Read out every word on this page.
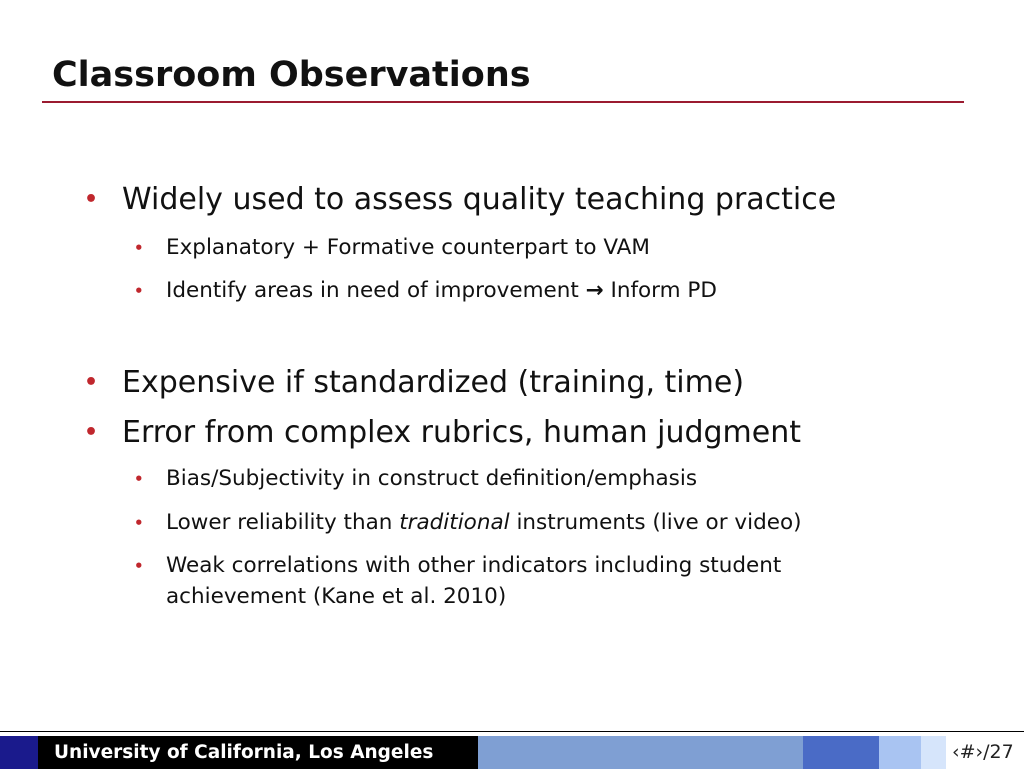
Classroom Observations
• Widely used to assess quality teaching practice
• Explanatory + Formative counterpart to VAM
• Identify areas in need of improvement → Inform PD
• Expensive if standardized (training, time)
• Error from complex rubrics, human judgment
• Bias/Subjectivity in construct definition/emphasis
• Lower reliability than traditional instruments (live or video)
• Weak correlations with other indicators including student
achievement (Kane et al. 2010)
University of California, Los Angeles	‹#›/27
